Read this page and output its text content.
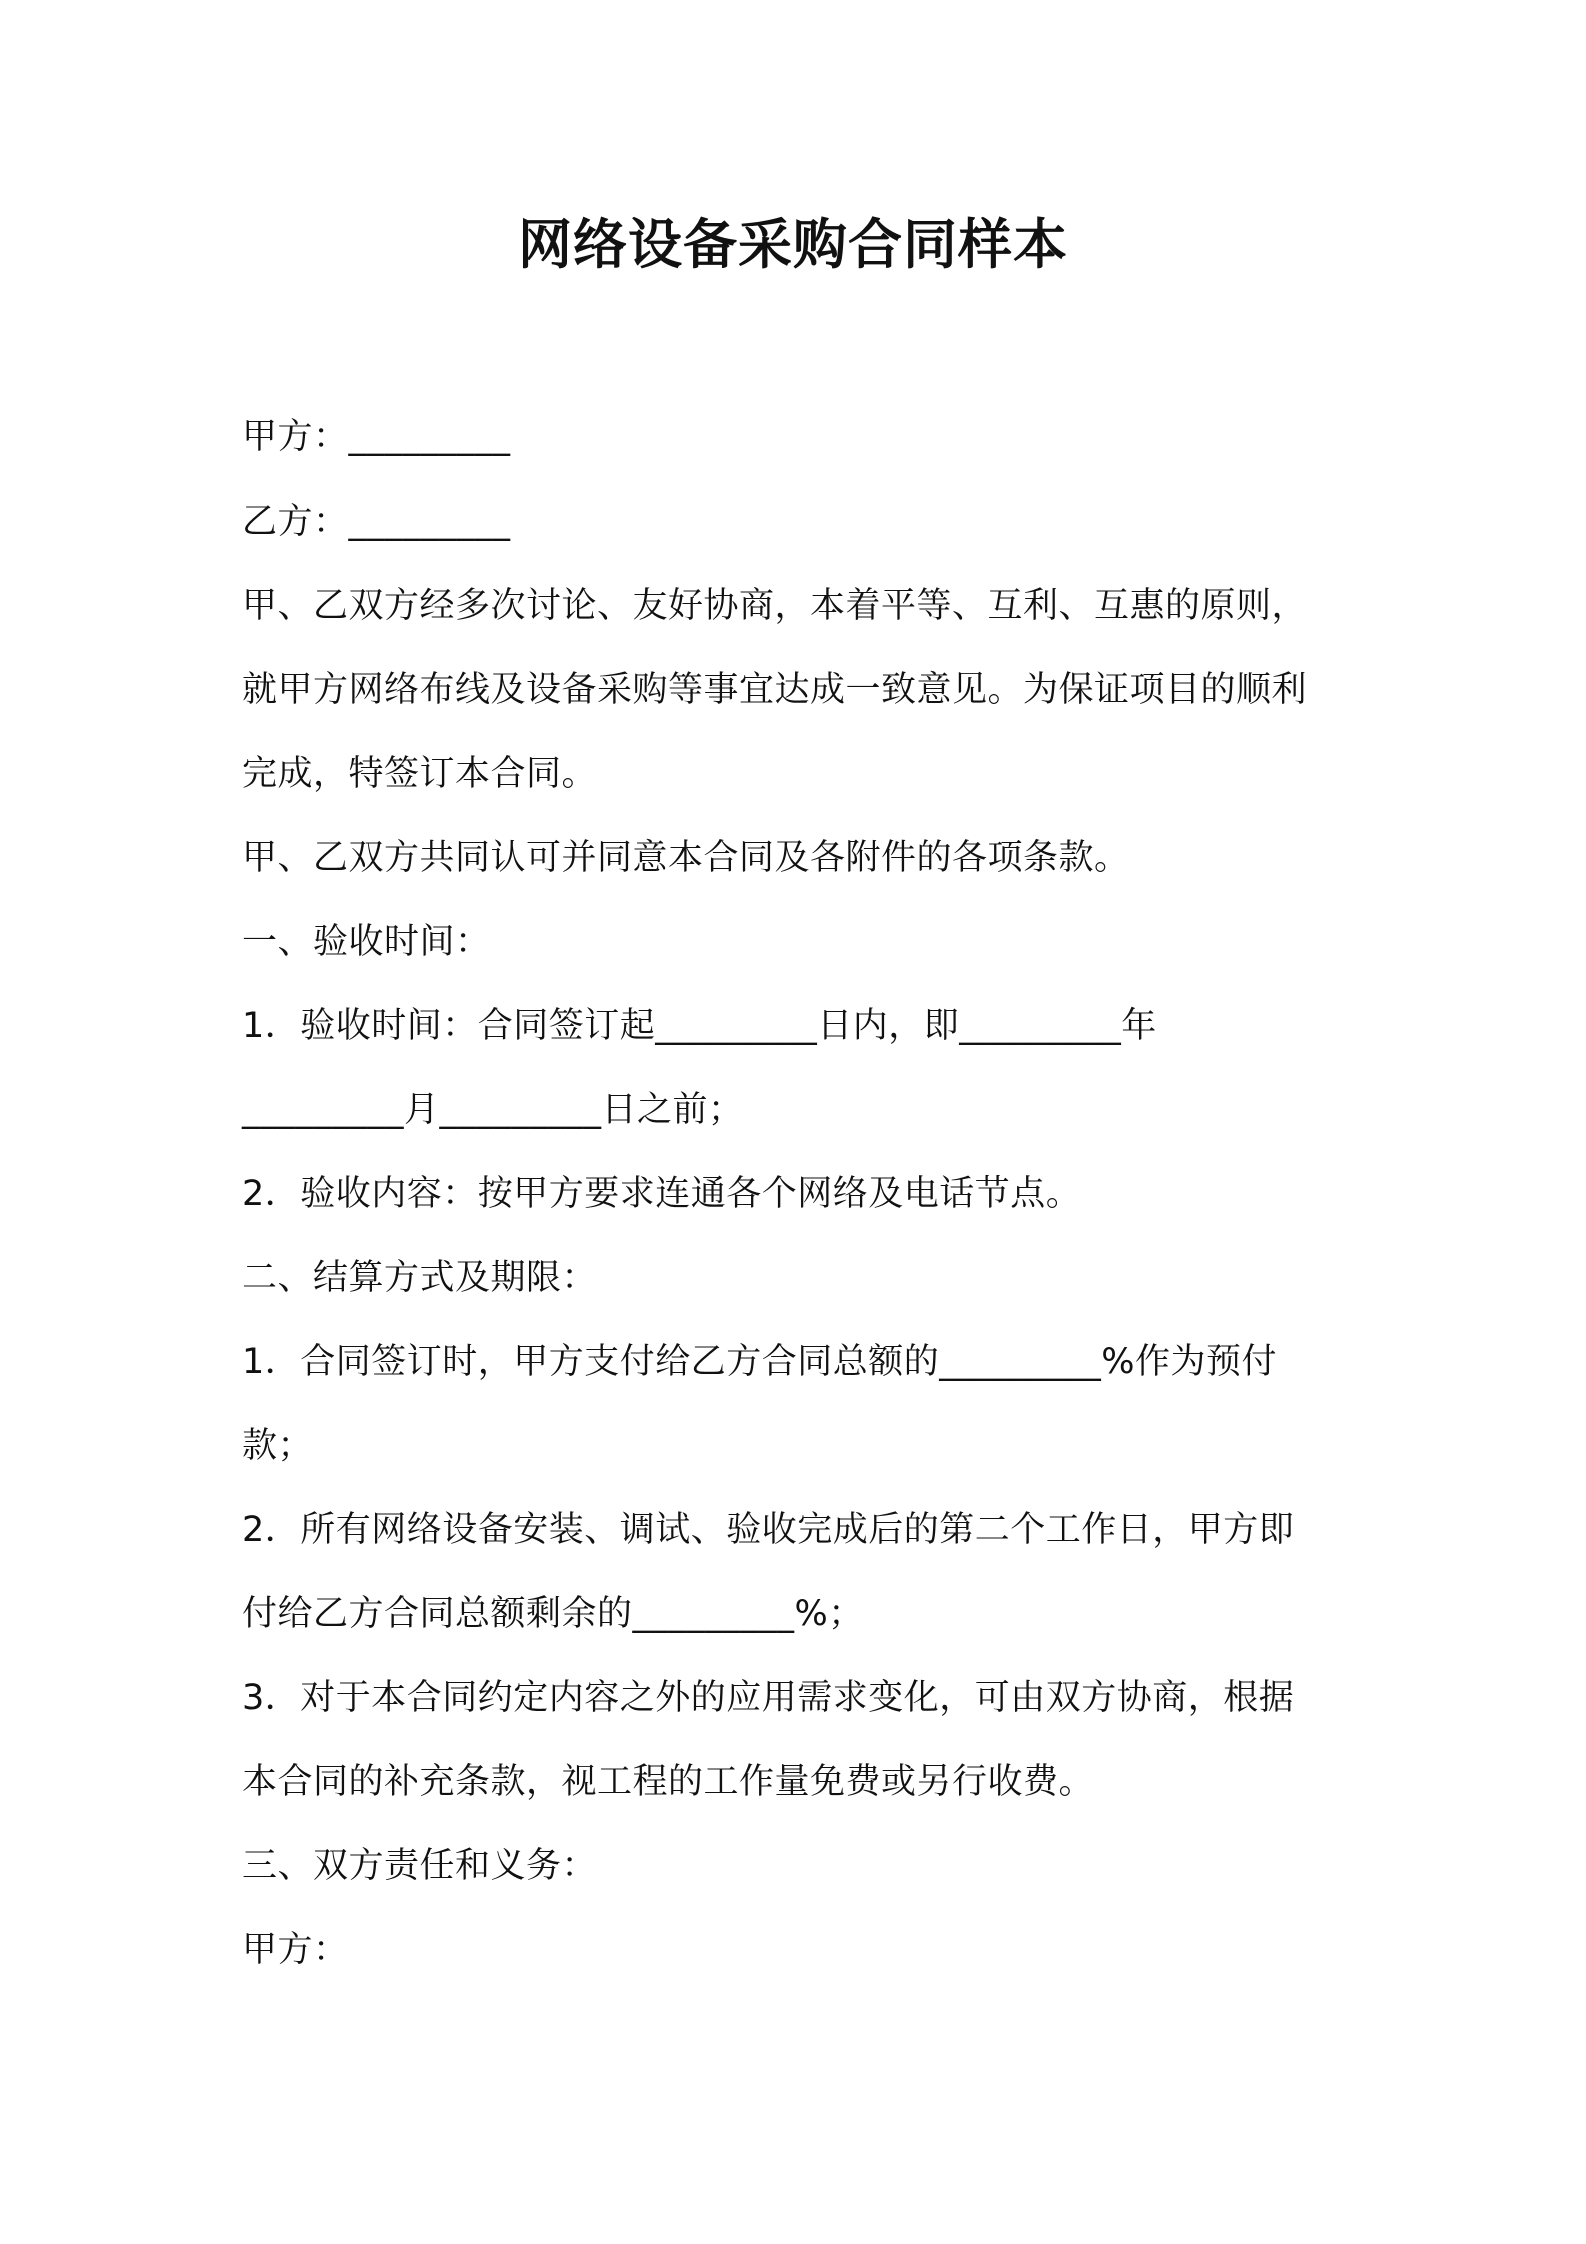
网络设备采购合同样本

甲方：_________

乙方：_________

甲、乙双方经多次讨论、友好协商，本着平等、互利、互惠的原则，

就甲方网络布线及设备采购等事宜达成一致意见。为保证项目的顺利

完成，特签订本合同。

甲、乙双方共同认可并同意本合同及各附件的各项条款。

一、验收时间：

1．验收时间：合同签订起_________日内，即_________年

_________月_________日之前；

2．验收内容：按甲方要求连通各个网络及电话节点。

二、结算方式及期限：

1．合同签订时，甲方支付给乙方合同总额的_________%作为预付

款；

2．所有网络设备安装、调试、验收完成后的第二个工作日，甲方即

付给乙方合同总额剩余的_________%；

3．对于本合同约定内容之外的应用需求变化，可由双方协商，根据

本合同的补充条款，视工程的工作量免费或另行收费。

三、双方责任和义务：

甲方：
